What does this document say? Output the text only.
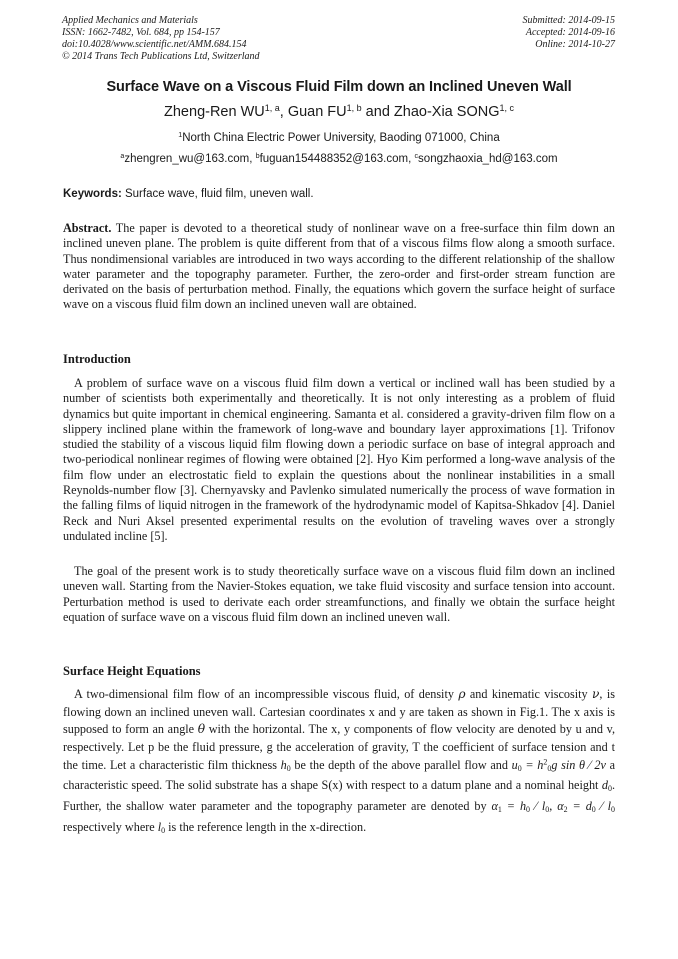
Applied Mechanics and Materials
ISSN: 1662-7482, Vol. 684, pp 154-157
doi:10.4028/www.scientific.net/AMM.684.154
© 2014 Trans Tech Publications Ltd, Switzerland
Submitted: 2014-09-15
Accepted: 2014-09-16
Online: 2014-10-27
Surface Wave on a Viscous Fluid Film down an Inclined Uneven Wall
Zheng-Ren WU$^{1, a}$, Guan FU$^{1, b}$ and Zhao-Xia SONG$^{1, c}$
$^1$North China Electric Power University, Baoding 071000, China
$^a$zhengren_wu@163.com, $^b$fuguan154488352@163.com, $^c$songzhaoxia_hd@163.com
Keywords: Surface wave, fluid film, uneven wall.
Abstract. The paper is devoted to a theoretical study of nonlinear wave on a free-surface thin film down an inclined uneven plane. The problem is quite different from that of a viscous films flow along a smooth surface. Thus nondimensional variables are introduced in two ways according to the different relationship of the shallow water parameter and the topography parameter. Further, the zero-order and first-order stream function are derivated on the basis of perturbation method. Finally, the equations which govern the surface height of surface wave on a viscous fluid film down an inclined uneven wall are obtained.
Introduction
A problem of surface wave on a viscous fluid film down a vertical or inclined wall has been studied by a number of scientists both experimentally and theoretically. It is not only interesting as a problem of fluid dynamics but quite important in chemical engineering. Samanta et al. considered a gravity-driven film flow on a slippery inclined plane within the framework of long-wave and boundary layer approximations [1]. Trifonov studied the stability of a viscous liquid film flowing down a periodic surface on base of integral approach and two-periodical nonlinear regimes of flowing were obtained [2]. Hyo Kim performed a long-wave analysis of the film flow under an electrostatic field to explain the questions about the nonlinear instabilities in a small Reynolds-number flow [3]. Chernyavsky and Pavlenko simulated numerically the process of wave formation in the falling films of liquid nitrogen in the framework of the hydrodynamic model of Kapitsa-Shkadov [4]. Daniel Reck and Nuri Aksel presented experimental results on the evolution of traveling waves over a strongly undulated incline [5].
The goal of the present work is to study theoretically surface wave on a viscous fluid film down an inclined uneven wall. Starting from the Navier-Stokes equation, we take fluid viscosity and surface tension into account. Perturbation method is used to derivate each order streamfunctions, and finally we obtain the surface height equation of surface wave on a viscous fluid film down an inclined uneven wall.
Surface Height Equations
A two-dimensional film flow of an incompressible viscous fluid, of density ρ and kinematic viscosity ν, is flowing down an inclined uneven wall. Cartesian coordinates x and y are taken as shown in Fig.1. The x axis is supposed to form an angle θ with the horizontal. The x, y components of flow velocity are denoted by u and v, respectively. Let p be the fluid pressure, g the acceleration of gravity, T the coefficient of surface tension and t the time. Let a characteristic film thickness $h_0$ be the depth of the above parallel flow and $u_0 = h^2_0g$ sin θ ⁄ 2ν a characteristic speed. The solid substrate has a shape S(x) with respect to a datum plane and a nominal height $d_0$. Further, the shallow water parameter and the topography parameter are denoted by $\alpha_1 = h_0$ ⁄ $l_0$, $\alpha_2 = d_0$ ⁄ $l_0$ respectively where $l_0$ is the reference length in the x-direction.
